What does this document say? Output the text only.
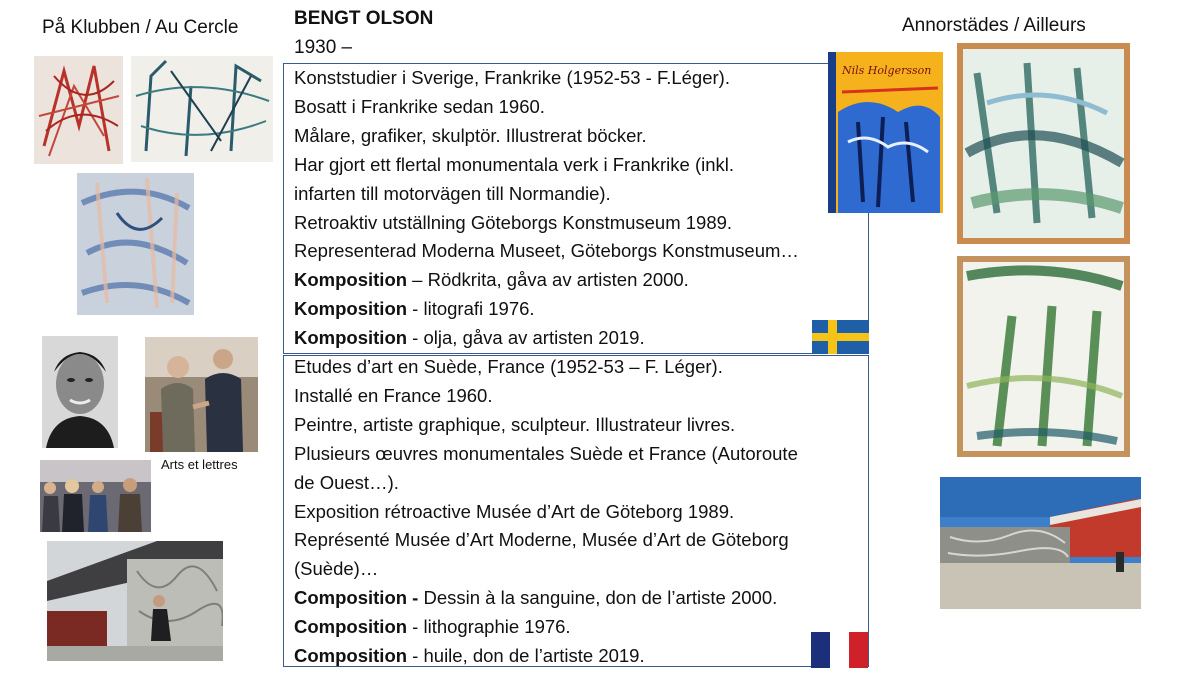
På Klubben / Au Cercle	Annorstädes / Ailleurs
BENGT OLSON
1930 –
Konststudier i Sverige, Frankrike (1952-53 - F.Léger).
Bosatt i Frankrike sedan 1960.
Målare, grafiker, skulptör. Illustrerat böcker.
Har gjort ett flertal monumentala verk i Frankrike (inkl.
infarten till motorvägen till Normandie).
Retroaktiv utställning Göteborgs Konstmuseum 1989.
Representerad Moderna Museet, Göteborgs Konstmuseum…
Komposition – Rödkrita, gåva av artisten 2000.
Komposition - litografi 1976.
Komposition - olja, gåva av artisten 2019.
Etudes d’art en Suède, France (1952-53 – F. Léger).
Installé en France 1960.
Peintre, artiste graphique, sculpteur. Illustrateur livres.
Plusieurs œuvres monumentales Suède et France (Autoroute
de Ouest…).
Exposition rétroactive Musée d’Art de Göteborg 1989.
Représenté Musée d’Art Moderne, Musée d’Art de Göteborg
(Suède)…
Composition - Dessin à la sanguine, don de l’artiste 2000.
Composition - lithographie 1976.
Composition - huile, don de l’artiste 2019.
Arts et lettres
Nils Holgersson
